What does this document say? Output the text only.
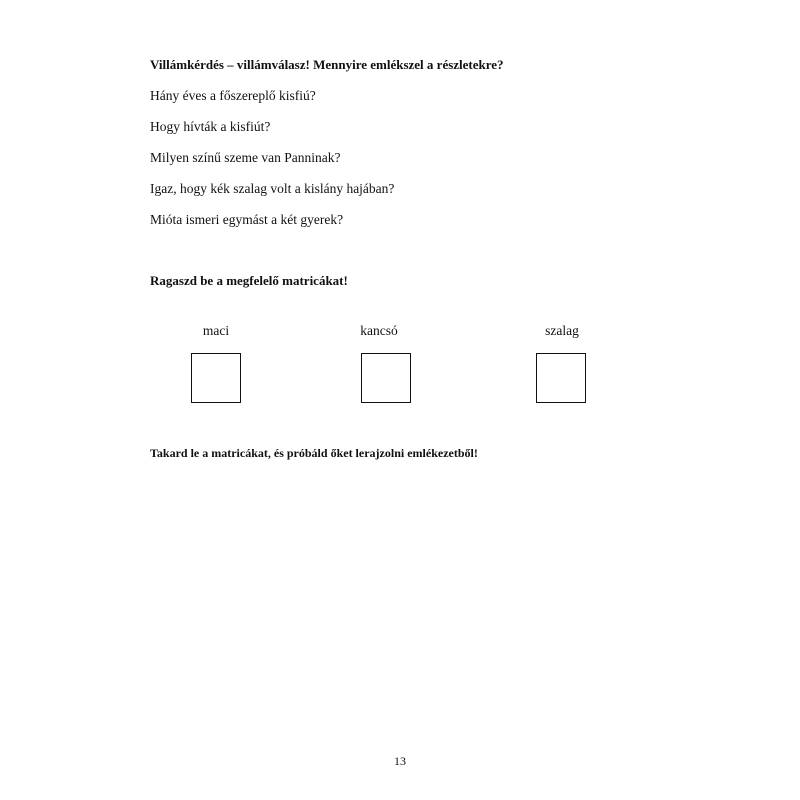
Villámkérdés – villámválasz! Mennyire emlékszel a részletekre?
Hány éves a főszereplő kisfiú?
Hogy hívták a kisfiút?
Milyen színű szeme van Panninak?
Igaz, hogy kék szalag volt a kislány hajában?
Mióta ismeri egymást a két gyerek?
Ragaszd be a megfelelő matricákat!
maci	kancsó	szalag
Takard le a matricákat, és próbáld őket lerajzolni emlékezetből!
13
